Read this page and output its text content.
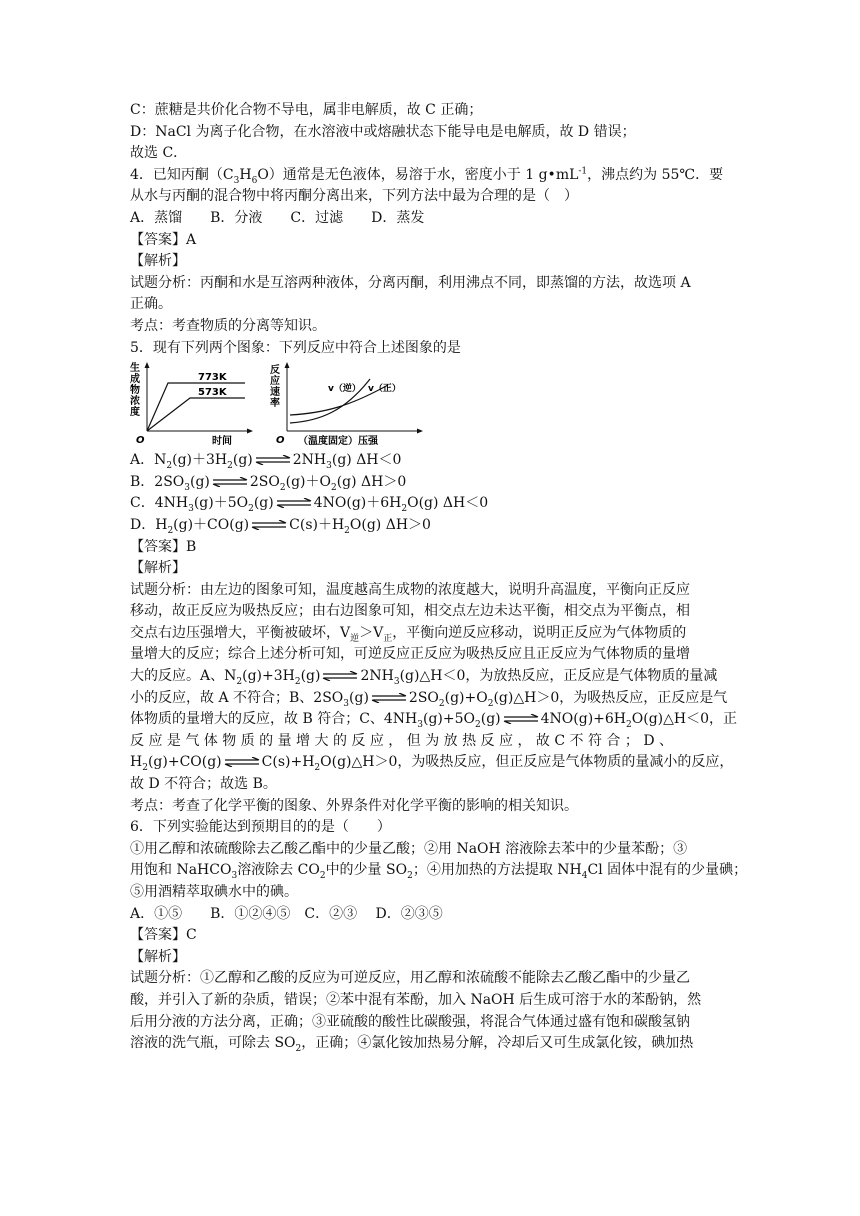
C：蔗糖是共价化合物不导电，属非电解质，故 C 正确；
D：NaCl 为离子化合物，在水溶液中或熔融状态下能导电是电解质，故 D 错误；
故选 C．
4．已知丙酮$(C_3H_6O)$通常是无色液体，易溶于水，密度小于 1 $g•mL^{-1}$，沸点约为 55℃．要
从水与丙酮的混合物中将丙酮分离出来，下列方法中最为合理的是（　）
A．蒸馏　　B．分液　　C．过滤　　D．蒸发
【答案】A
【解析】
试题分析：丙酮和水是互溶两种液体，分离丙酮，利用沸点不同，即蒸馏的方法，故选项 A
正确。
考点：考查物质的分离等知识。
5．现有下列两个图象：下列反应中符合上述图象的是
生
成
物
浓
度
773K
573K
O	时间
反
应
速
率
v（逆） v（正）
O （温度固定）压强
A．$N_2(g)+3H_2(g)\rightleftharpoons 2NH_3(g)$ ΔH＜0
B．$2SO_3(g)\rightleftharpoons 2SO_2(g)+O_2(g)$ ΔH＞0
C．$4NH_3(g)+5O_2(g)\rightleftharpoons 4NO(g)+6H_2O(g)$ ΔH＜0
D．$H_2(g)+CO(g)\rightleftharpoons C(s)+H_2O(g)$ ΔH＞0
【答案】B
【解析】
试题分析：由左边的图象可知，温度越高生成物的浓度越大，说明升高温度，平衡向正反应
移动，故正反应为吸热反应；由右边图象可知，相交点左边未达平衡，相交点为平衡点，相
交点右边压强增大，平衡被破坏，$V_逆>V_正$，平衡向逆反应移动，说明正反应为气体物质的
量增大的反应；综合上述分析可知，可逆反应正反应为吸热反应且正反应为气体物质的量增
大的反应。A、$N_2(g)+3H_2(g)\rightleftharpoons 2NH_3(g)\triangle H<0$，为放热反应，正反应是气体物质的量减
小的反应，故 A 不符合；B、$2SO_3(g)\rightleftharpoons 2SO_2(g)+O_2(g)\triangle H>0$，为吸热反应，正反应是气
体物质的量增大的反应，故 B 符合；C、$4NH_3(g)+5O_2(g)\rightleftharpoons 4NO(g)+6H_2O(g)\triangle H<0$，正
反 应 是 气 体 物 质 的 量 增 大 的 反 应 ， 但 为 放 热 反 应 ， 故 C 不 符 合 ； D 、
$H_2(g)+CO(g)\rightleftharpoons C(s)+H_2O(g)\triangle H>0$，为吸热反应，但正反应是气体物质的量减小的反应，
故 D 不符合；故选 B。
考点：考查了化学平衡的图象、外界条件对化学平衡的影响的相关知识。
6．下列实验能达到预期目的的是（　　）
①用乙醇和浓硫酸除去乙酸乙酯中的少量乙酸；②用 NaOH 溶液除去苯中的少量苯酚；③
用饱和 NaHCO$_3$溶液除去 $CO_2$中的少量 $SO_2$；④用加热的方法提取 $NH_4Cl$ 固体中混有的少量碘；
⑤用酒精萃取碘水中的碘。
A．①⑤　　B．①②④⑤　C．②③　 D．②③⑤
【答案】C
【解析】
试题分析：①乙醇和乙酸的反应为可逆反应，用乙醇和浓硫酸不能除去乙酸乙酯中的少量乙
酸，并引入了新的杂质，错误；②苯中混有苯酚，加入 NaOH 后生成可溶于水的苯酚钠，然
后用分液的方法分离，正确；③亚硫酸的酸性比碳酸强，将混合气体通过盛有饱和碳酸氢钠
溶液的洗气瓶，可除去 $SO_2$，正确；④氯化铵加热易分解，冷却后又可生成氯化铵，碘加热
